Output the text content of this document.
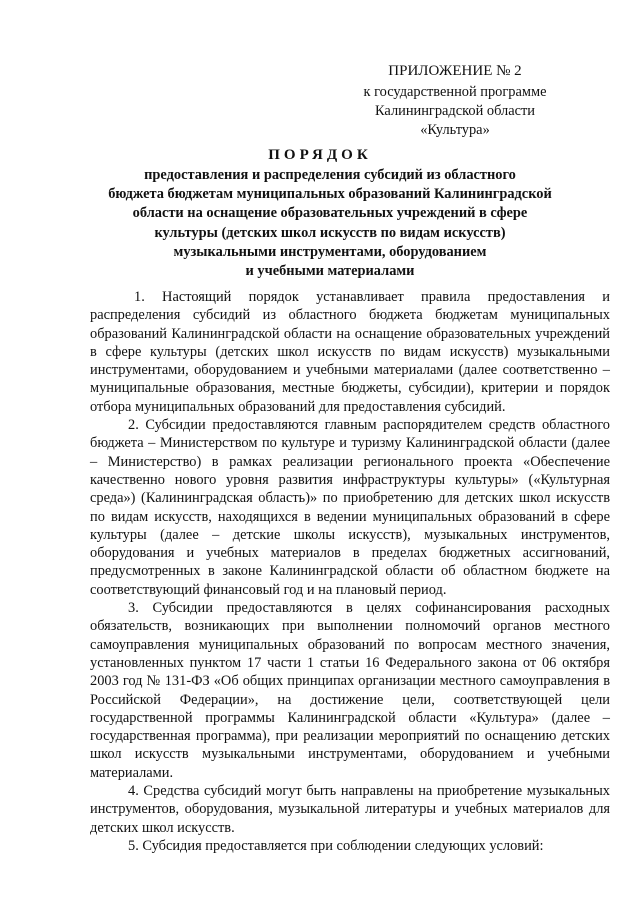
ПРИЛОЖЕНИЕ № 2
к государственной программе
Калининградской области
«Культура»
ПОРЯДОК
предоставления и распределения субсидий из областного
бюджета бюджетам муниципальных образований Калининградской
области на оснащение образовательных учреждений в сфере
культуры (детских школ искусств по видам искусств)
музыкальными инструментами, оборудованием
и учебными материалами

1. Настоящий порядок устанавливает правила предоставления и распределения субсидий из областного бюджета бюджетам муниципальных образований Калининградской области на оснащение образовательных учреждений в сфере культуры (детских школ искусств по видам искусств) музыкальными инструментами, оборудованием и учебными материалами (далее соответственно – муниципальные образования, местные бюджеты, субсидии), критерии и порядок отбора муниципальных образований для предоставления субсидий.

2. Субсидии предоставляются главным распорядителем средств областного бюджета – Министерством по культуре и туризму Калининградской области (далее – Министерство) в рамках реализации регионального проекта «Обеспечение качественно нового уровня развития инфраструктуры культуры» («Культурная среда») (Калининградская область)» по приобретению для детских школ искусств по видам искусств, находящихся в ведении муниципальных образований в сфере культуры (далее – детские школы искусств), музыкальных инструментов, оборудования и учебных материалов в пределах бюджетных ассигнований, предусмотренных в законе Калининградской области об областном бюджете на соответствующий финансовый год и на плановый период.

3. Субсидии предоставляются в целях софинансирования расходных обязательств, возникающих при выполнении полномочий органов местного самоуправления муниципальных образований по вопросам местного значения, установленных пунктом 17 части 1 статьи 16 Федерального закона от 06 октября 2003 год № 131-ФЗ «Об общих принципах организации местного самоуправления в Российской Федерации», на достижение цели, соответствующей цели государственной программы Калининградской области «Культура» (далее – государственная программа), при реализации мероприятий по оснащению детских школ искусств музыкальными инструментами, оборудованием и учебными материалами.

4. Средства субсидий могут быть направлены на приобретение музыкальных инструментов, оборудования, музыкальной литературы и учебных материалов для детских школ искусств.

5. Субсидия предоставляется при соблюдении следующих условий:
